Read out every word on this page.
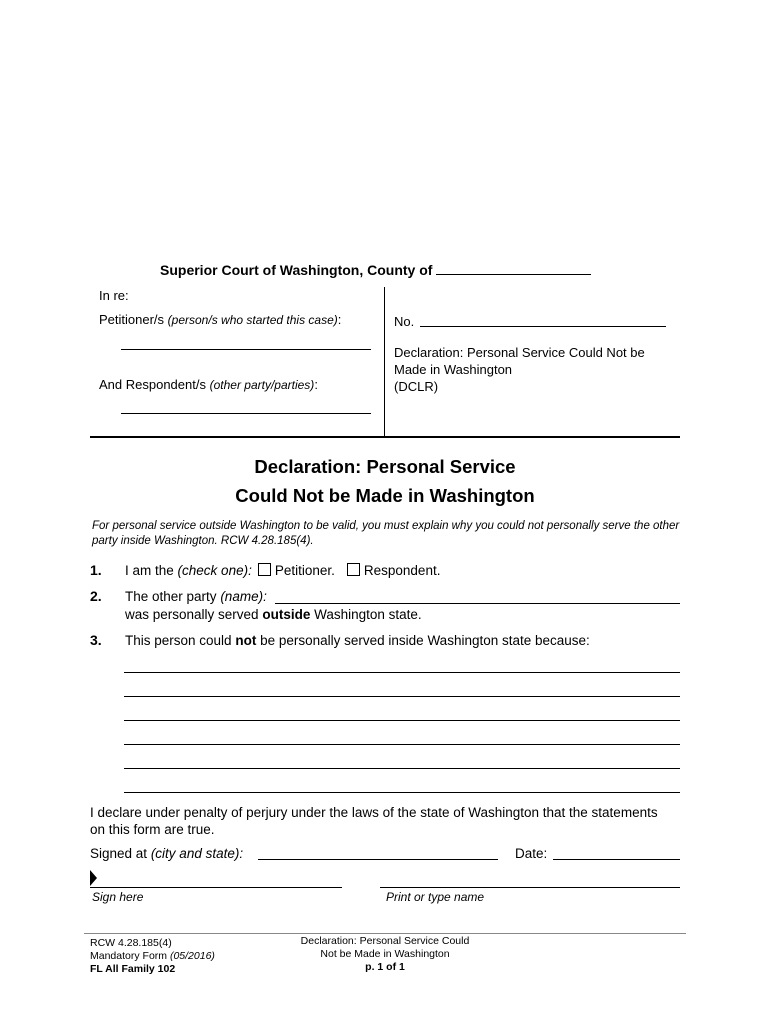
Superior Court of Washington, County of
In re:
Petitioner/s (person/s who started this case):
And Respondent/s (other party/parties):
No.
Declaration: Personal Service Could Not be
Made in Washington
(DCLR)
Declaration: Personal Service
Could Not be Made in Washington
For personal service outside Washington to be valid, you must explain why you could not personally serve the other
party inside Washington. RCW 4.28.185(4).
1. I am the (check one): Petitioner. Respondent.
2. The other party (name):
was personally served outside Washington state.
3. This person could not be personally served inside Washington state because:
I declare under penalty of perjury under the laws of the state of Washington that the statements
on this form are true.
Signed at (city and state):	Date:
Sign here	Print or type name
RCW 4.28.185(4)
Mandatory Form (05/2016)
FL All Family 102
Declaration: Personal Service Could
Not be Made in Washington
p. 1 of 1
